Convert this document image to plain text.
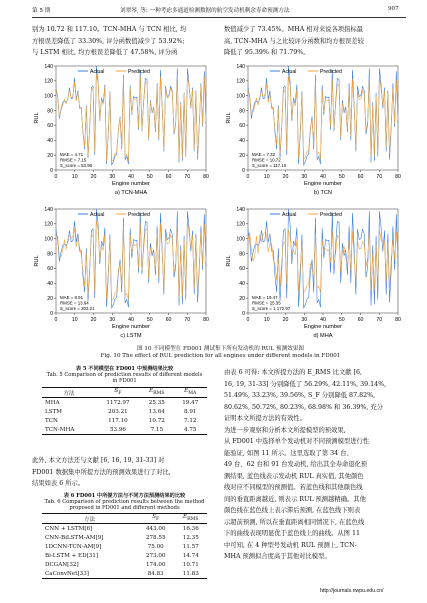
第 5 期	刘翠琴, 等: 一种考虑多通道检测数据的航空发动机剩余寿命预测方法	907
别为 10.72 和 117.10。TCN-MHA 与 TCN 相比, 均
方根误差降低了 33.30%, 评分函数值减少了 53.92%;
与 LSTM 相比, 均方根误差降低了 47.58%, 评分函
数值减少了 73.45%。MHA 相对来说各项指标最
高, TCN-MHA 与之比较评分函数和均方根误差较
降低了 95.39% 和 71.79%。
0
20
40
60
80
100
120
140
0	10 20 30 40 50 60 70 80
Engine number
RUL
Actual	Predicted
MAE = 4.71
RMSE = 7.15
S_score = 53.96
a) TCN-MHA
0
20
40
60
80
100
120
140
0	10 20 30 40 50 60 70 80
Engine number
RUL
Actual	Predicted
MAE = 7.32
RMSE = 10.72
S_score = 117.10
b) TCN
0
20
40
60
80
100
120
140
0	10 20 30 40 50 60 70 80
Engine number
RUL
Actual	Predicted
MAE = 8.91
RMSE = 13.64
S_score = 203.21
c) LSTM
0
20
40
60
80
100
120
140
0	10 20 30 40 50 60 70 80
Engine number
RUL
Actual	Predicted
MAE = 19.47
RMSE = 25.35
S_score = 1 172.97
d) MHA
图 10 不同模型在 FD001 测试集下所有发动机的 RUL 预测效果图
Fig. 10 The effect of RUL prediction for all engines under different models in FD001
表 5 不同模型在 FD001 中预测结果比较
Tab. 5 Comparison of prediction results of different models
in FD001
方法	$S_F$	$E_{RMS}$	$E_{MA}$
MHA	1172.97	25.35	19.47
LSTM	203.21	13.64	8.91
TCN	117.10	10.72	7.12
TCN-MHA	53.96	7.15	4.75
此外, 本文方法还与文献 [6, 16, 19, 31-33] 对
FD001 数据集中所提方法的预测效果进行了对比,
结果如表 6 所示。
表 6 FD001 中所提方法与不同方法预测结果的比较
Tab. 6 Comparison of prediction results between the method
proposed in FD001 and different methods
方法	$S_F$	$E_{RMS}$
CNN + LSTM[6]	443.00	16.36
CNN-BiLSTM-AM[9]	278.55	12.35
1DCNN-TCN-AM[9]	75.00	11.57
Bi-LSTM + ED[31]	273.00	14.74
DCGAN[32]	174.00	10.71
CaConvNet[33]	84.83	11.83
由表 6 可得: 本文所提方法的 E_RMS 比文献 [6,
16, 19, 31-33] 分别降低了 56.29%, 42.11%, 39.14%,
51.49%, 33.23%, 39.56%, S_F 分别降低 87.82%,
80.62%, 50.72%, 80.23%, 68.98% 和 36.39%, 充分
证明本文所提方法的有效性。
为进一步观察和分析本文所提模型的预效果,
从 FD001 中选择单个发动机对不同预测模型进行性
能验证, 如图 11 所示。这里选取了第 34 台、
49 台、62 台和 91 台发动机, 给出其全寿命退化预
测结果, 蓝色线表示发动机 RUL 真实值, 其他颜色
线对应不同模型的预测值。若蓝色线和其他颜色线
间的垂直距离越近, 则表示 RUL 预测越精确。其他
颜色线在蓝色线上表示滞后预测, 在蓝色线下则表
示超前预测, 所以在垂直距离相同情况下, 在蓝色线
下的曲线表现明显优于蓝色线上的曲线。从图 11
中可知, 在 4 种型号发动机 RUL 预测上, TCN-
MHA 预测拟合度高于其他对比模型。
http://journals.nwpu.edu.cn/
